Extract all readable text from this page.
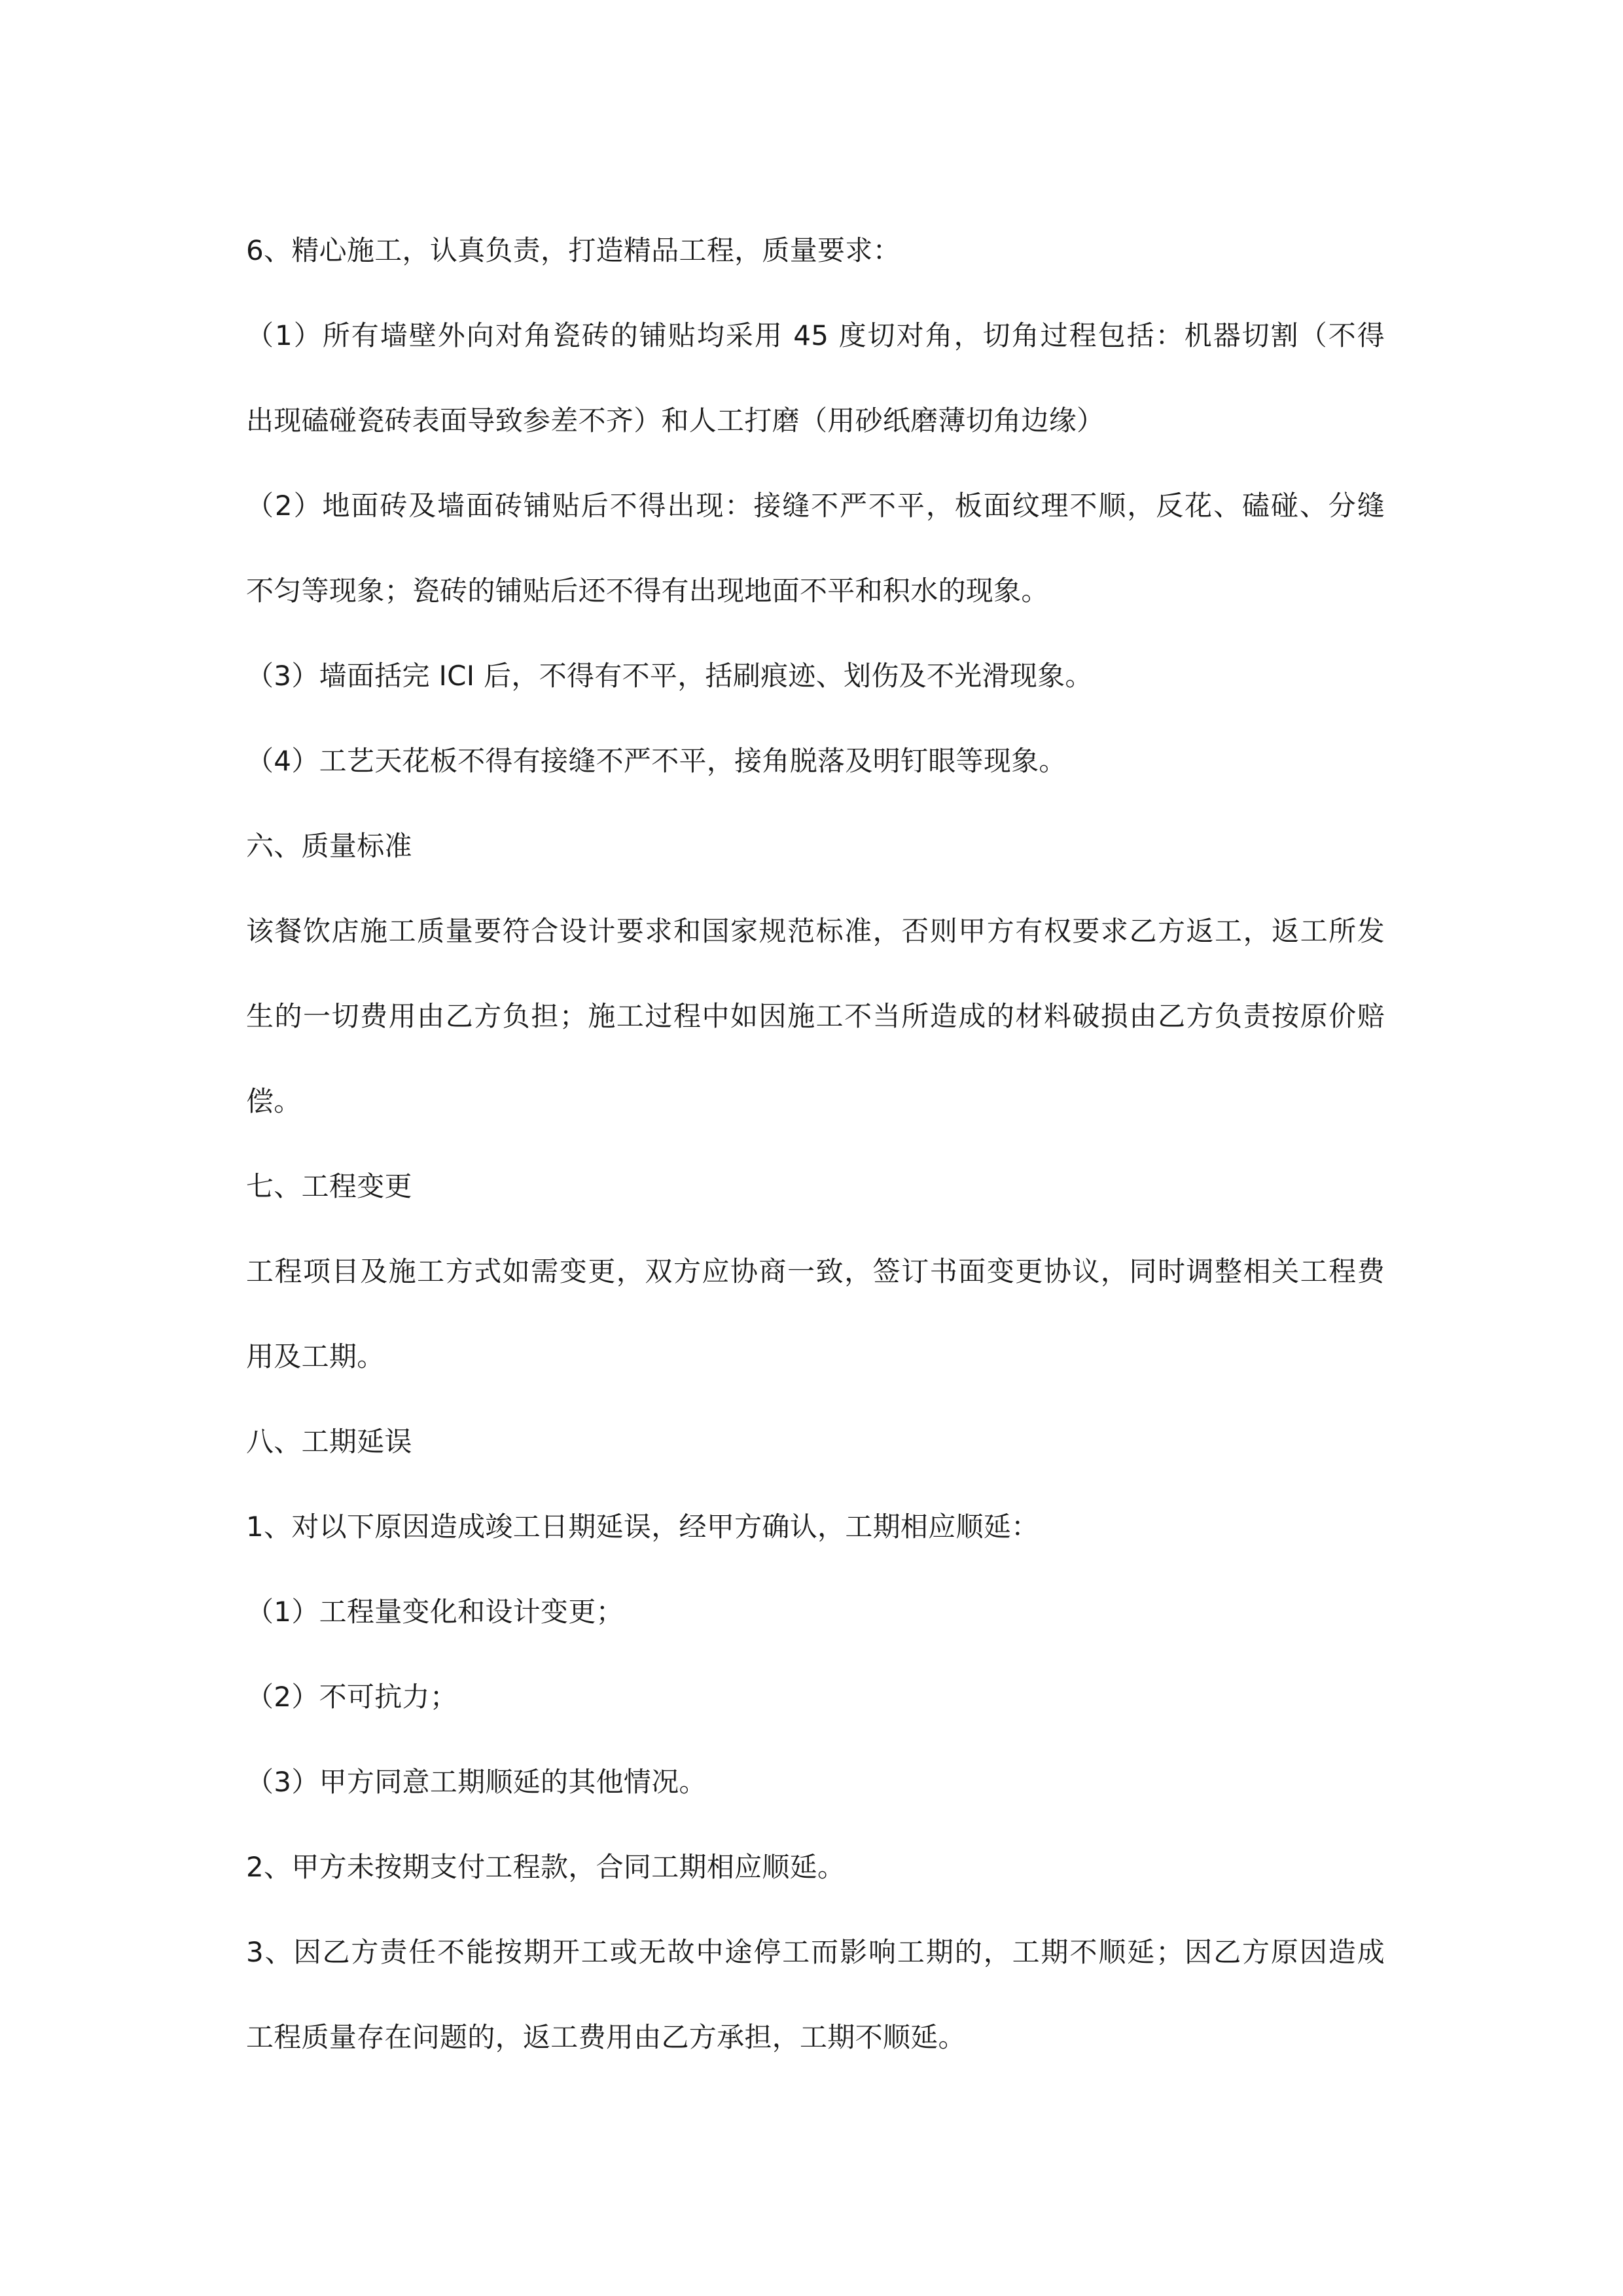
6、精心施工，认真负责，打造精品工程，质量要求：
（1）所有墙壁外向对角瓷砖的铺贴均采用 45 度切对角，切角过程包括：机器切割（不得
出现磕碰瓷砖表面导致参差不齐）和人工打磨（用砂纸磨薄切角边缘）
（2）地面砖及墙面砖铺贴后不得出现：接缝不严不平，板面纹理不顺，反花、磕碰、分缝
不匀等现象；瓷砖的铺贴后还不得有出现地面不平和积水的现象。
（3）墙面括完 ICI 后，不得有不平，括刷痕迹、划伤及不光滑现象。
（4）工艺天花板不得有接缝不严不平，接角脱落及明钉眼等现象。
六、质量标准
该餐饮店施工质量要符合设计要求和国家规范标准，否则甲方有权要求乙方返工，返工所发
生的一切费用由乙方负担；施工过程中如因施工不当所造成的材料破损由乙方负责按原价赔
偿。
七、工程变更
工程项目及施工方式如需变更，双方应协商一致，签订书面变更协议，同时调整相关工程费
用及工期。
八、工期延误
1、对以下原因造成竣工日期延误，经甲方确认，工期相应顺延：
（1）工程量变化和设计变更；
（2）不可抗力；
（3）甲方同意工期顺延的其他情况。
2、甲方未按期支付工程款，合同工期相应顺延。
3、因乙方责任不能按期开工或无故中途停工而影响工期的，工期不顺延；因乙方原因造成
工程质量存在问题的，返工费用由乙方承担，工期不顺延。
